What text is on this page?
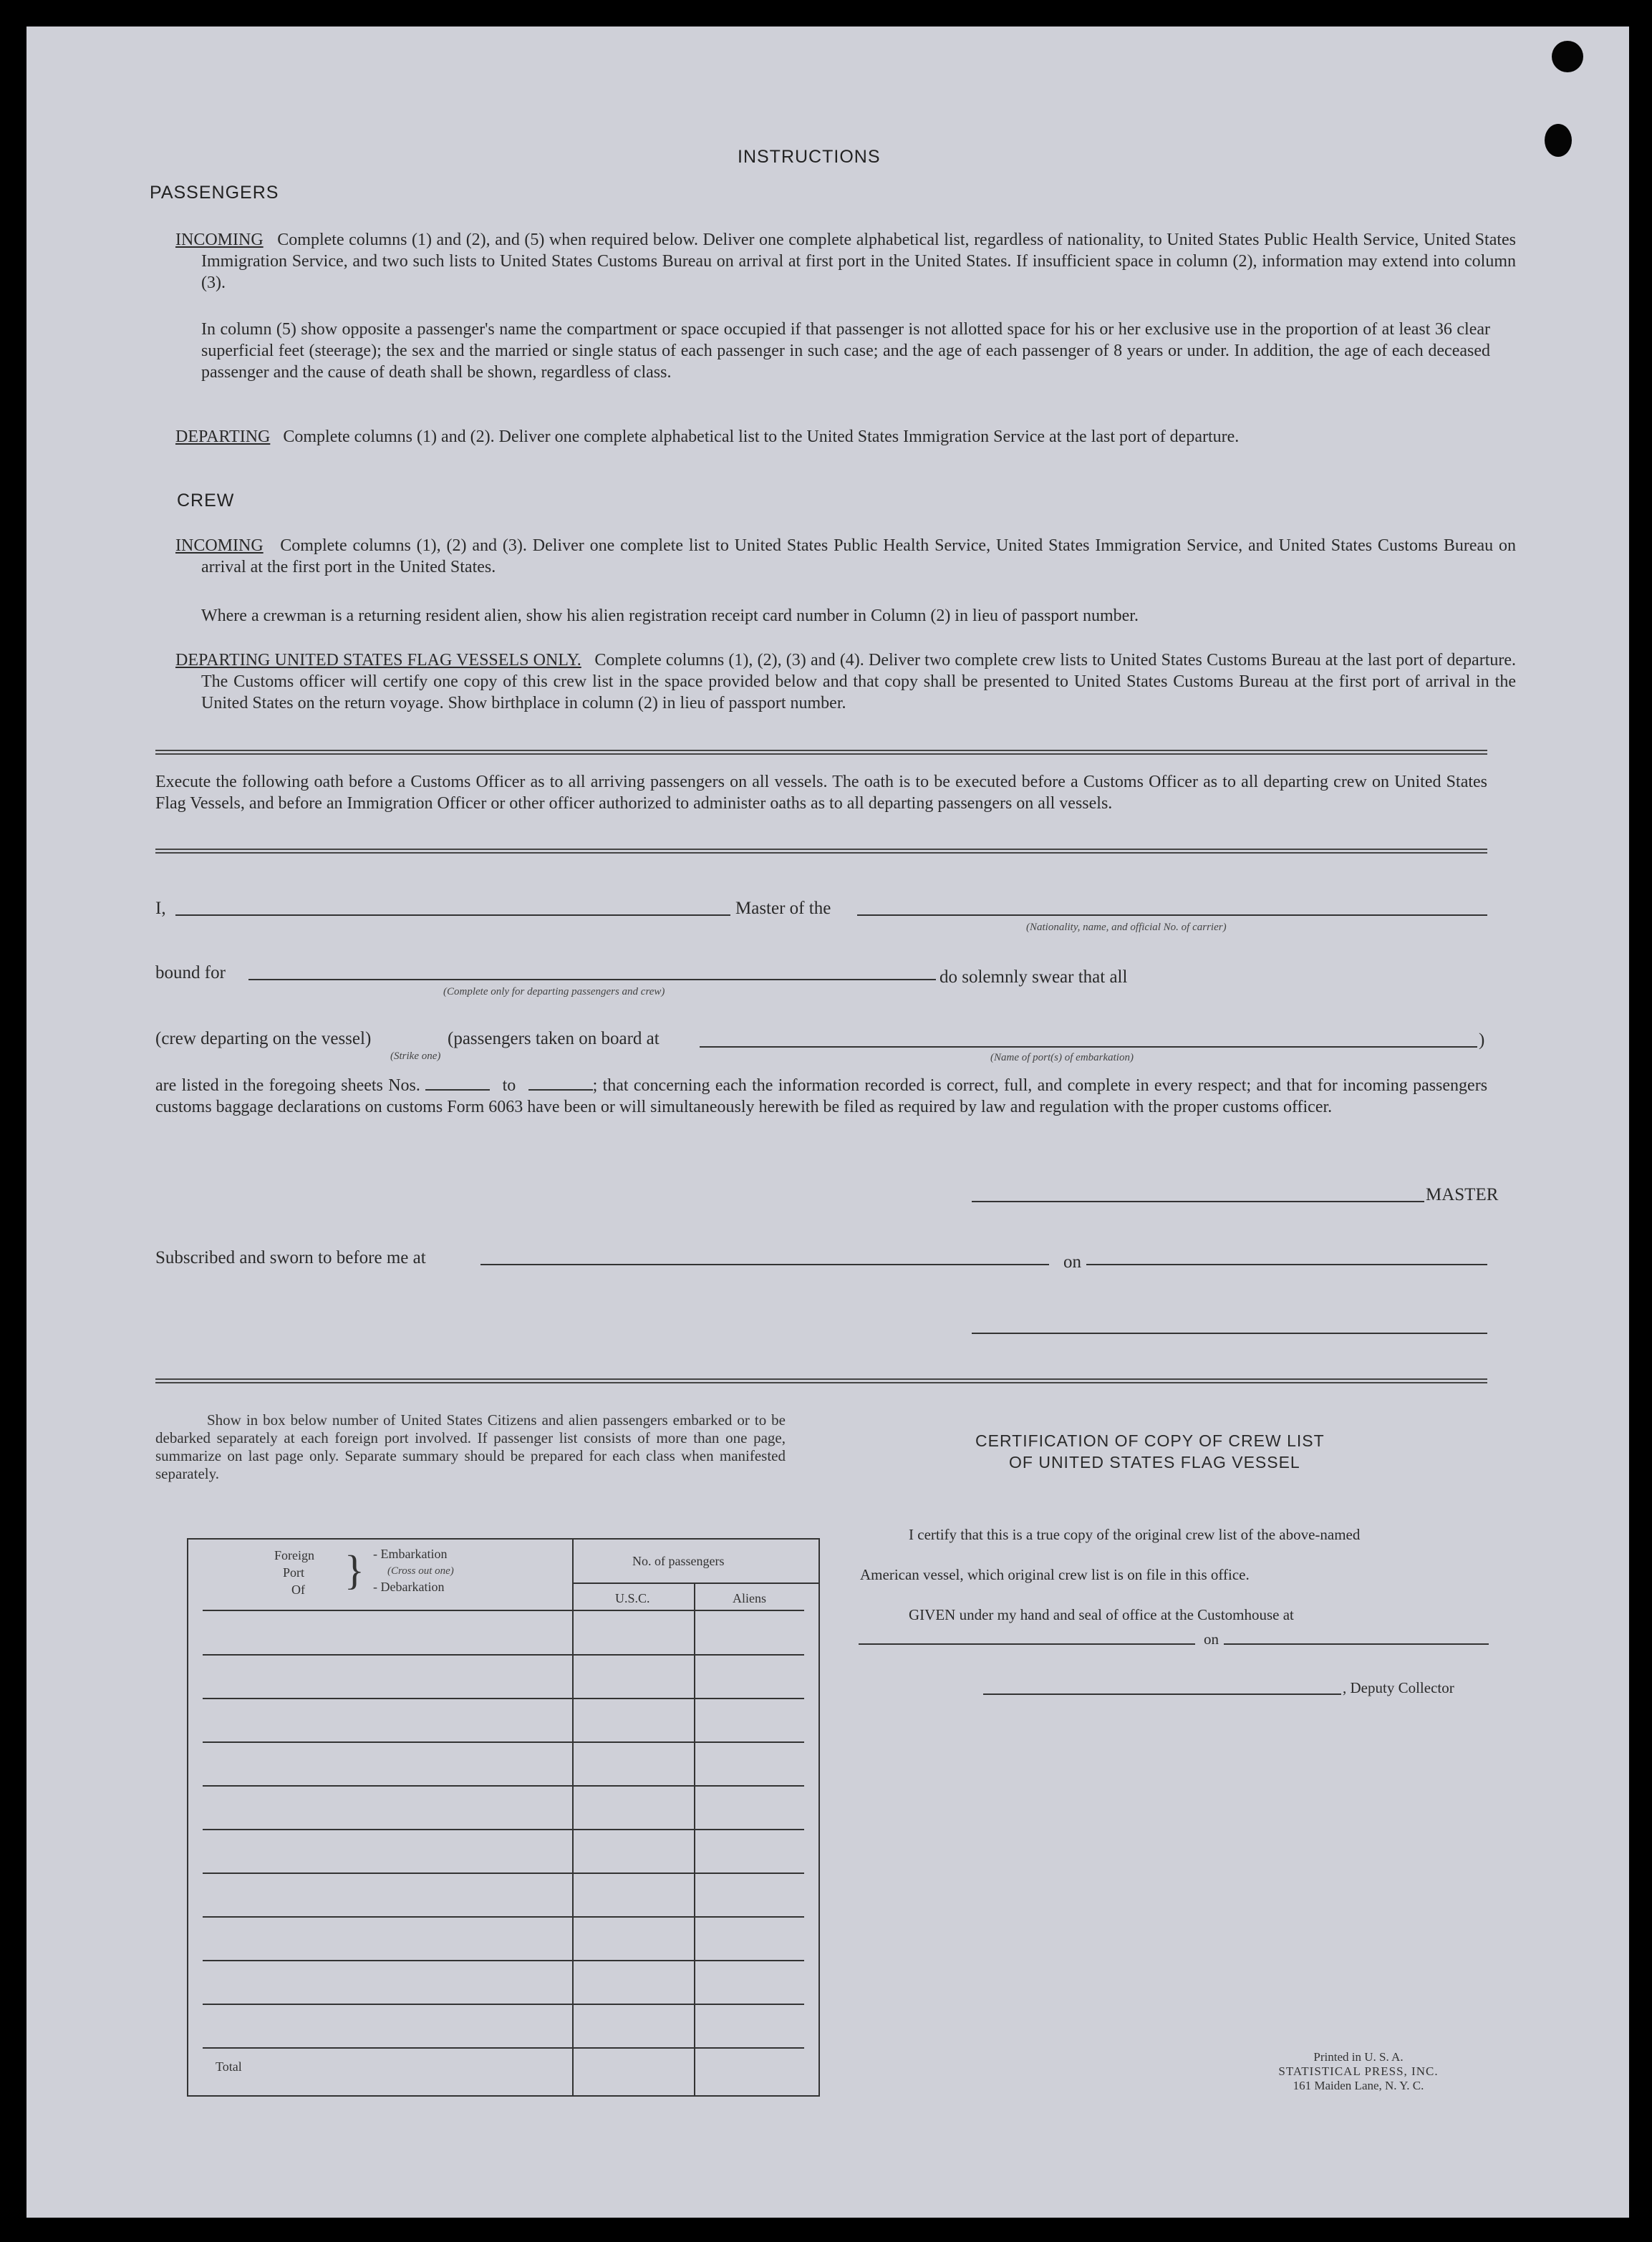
INSTRUCTIONS
PASSENGERS
INCOMING Complete columns (1) and (2), and (5) when required below. Deliver one complete alphabetical list, regardless of nationality, to United States Public Health Service, United States Immigration Service, and two such lists to United States Customs Bureau on arrival at first port in the United States. If insufficient space in column (2), information may extend into column (3).
In column (5) show opposite a passenger's name the compartment or space occupied if that passenger is not allotted space for his or her exclusive use in the proportion of at least 36 clear superficial feet (steerage); the sex and the married or single status of each passenger in such case; and the age of each passenger of 8 years or under. In addition, the age of each deceased passenger and the cause of death shall be shown, regardless of class.
DEPARTING Complete columns (1) and (2). Deliver one complete alphabetical list to the United States Immigration Service at the last port of departure.
CREW
INCOMING Complete columns (1), (2) and (3). Deliver one complete list to United States Public Health Service, United States Immigration Service, and United States Customs Bureau on arrival at the first port in the United States.
Where a crewman is a returning resident alien, show his alien registration receipt card number in Column (2) in lieu of passport number.
DEPARTING UNITED STATES FLAG VESSELS ONLY. Complete columns (1), (2), (3) and (4). Deliver two complete crew lists to United States Customs Bureau at the last port of departure. The Customs officer will certify one copy of this crew list in the space provided below and that copy shall be presented to United States Customs Bureau at the first port of arrival in the United States on the return voyage. Show birthplace in column (2) in lieu of passport number.
Execute the following oath before a Customs Officer as to all arriving passengers on all vessels. The oath is to be executed before a Customs Officer as to all departing crew on United States Flag Vessels, and before an Immigration Officer or other officer authorized to administer oaths as to all departing passengers on all vessels.
I,	Master of the
(Nationality, name, and official No. of carrier)
bound for
(Complete only for departing passengers and crew)
do solemnly swear that all
(crew departing on the vessel)	(passengers taken on board at
(Strike one)
)
(Name of port(s) of embarkation)
are listed in the foregoing sheets Nos.	to	; that concerning each the information recorded is correct, full, and complete in every respect; and that for incoming passengers customs baggage declarations on customs Form 6063 have been or will simultaneously herewith be filed as required by law and regulation with the proper customs officer.
MASTER
Subscribed and sworn to before me at	on
Show in box below number of United States Citizens and alien passengers embarked or to be debarked separately at each foreign port involved. If passenger list consists of more than one page, summarize on last page only. Separate summary should be prepared for each class when manifested separately.
Foreign
Port
Of } - Embarkation
(Cross out one)
- Debarkation
No. of passengers
U.S.C.	Aliens
Total
CERTIFICATION OF COPY OF CREW LIST
OF UNITED STATES FLAG VESSEL
I certify that this is a true copy of the original crew list of the above-named
American vessel, which original crew list is on file in this office.
GIVEN under my hand and seal of office at the Customhouse at
on
, Deputy Collector
Printed in U. S. A.
STATISTICAL PRESS, INC.
161 Maiden Lane, N. Y. C.
